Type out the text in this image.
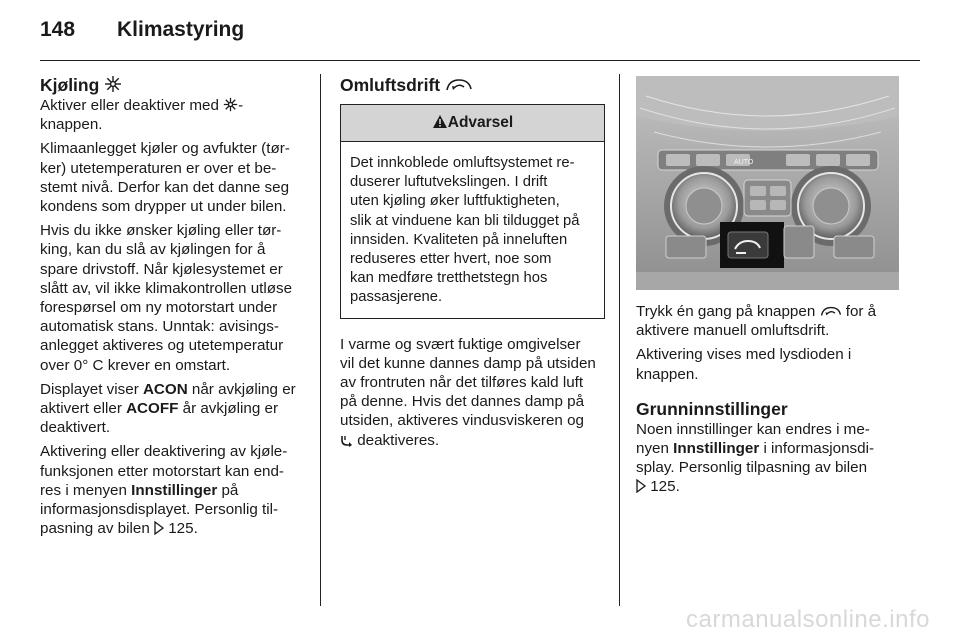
148 Klimastyring
Kjøling

Aktiver eller deaktiver med -
knappen.

Klimaanlegget kjøler og avfukter (tør-
ker) utetemperaturen er over et be-
stemt nivå. Derfor kan det danne seg
kondens som drypper ut under bilen.

Hvis du ikke ønsker kjøling eller tør-
king, kan du slå av kjølingen for å
spare drivstoff. Når kjølesystemet er
slått av, vil ikke klimakontrollen utløse
forespørsel om ny motorstart under
automatisk stans. Unntak: avisings-
anlegget aktiveres og utetemperatur
over 0° C krever en omstart.

Displayet viser ACON når avkjøling er
aktivert eller ACOFF år avkjøling er
deaktivert.

Aktivering eller deaktivering av kjøle-
funksjonen etter motorstart kan end-
res i menyen Innstillinger på
informasjonsdisplayet. Personlig til-
pasning av bilen  125.

Omluftsdrift
Advarsel
Det innkoblede omluftsystemet re-
duserer luftutvekslingen. I drift
uten kjøling øker luftfuktigheten,
slik at vinduene kan bli tildugget på
innsiden. Kvaliteten på inneluften
reduseres etter hvert, noe som
kan medføre tretthetstegn hos
passasjerene.

I varme og svært fuktige omgivelser
vil det kunne dannes damp på utsiden
av frontruten når det tilføres kald luft
på denne. Hvis det dannes damp på
utsiden, aktiveres vindusviskeren og
deaktiveres.

AUTO

Trykk én gang på knappen  for å
aktivere manuell omluftsdrift.

Aktivering vises med lysdioden i
knappen.

Grunninnstillinger

Noen innstillinger kan endres i me-
nyen Innstillinger i informasjonsdi-
splay. Personlig tilpasning av bilen
125.

carmanualsonline.info
